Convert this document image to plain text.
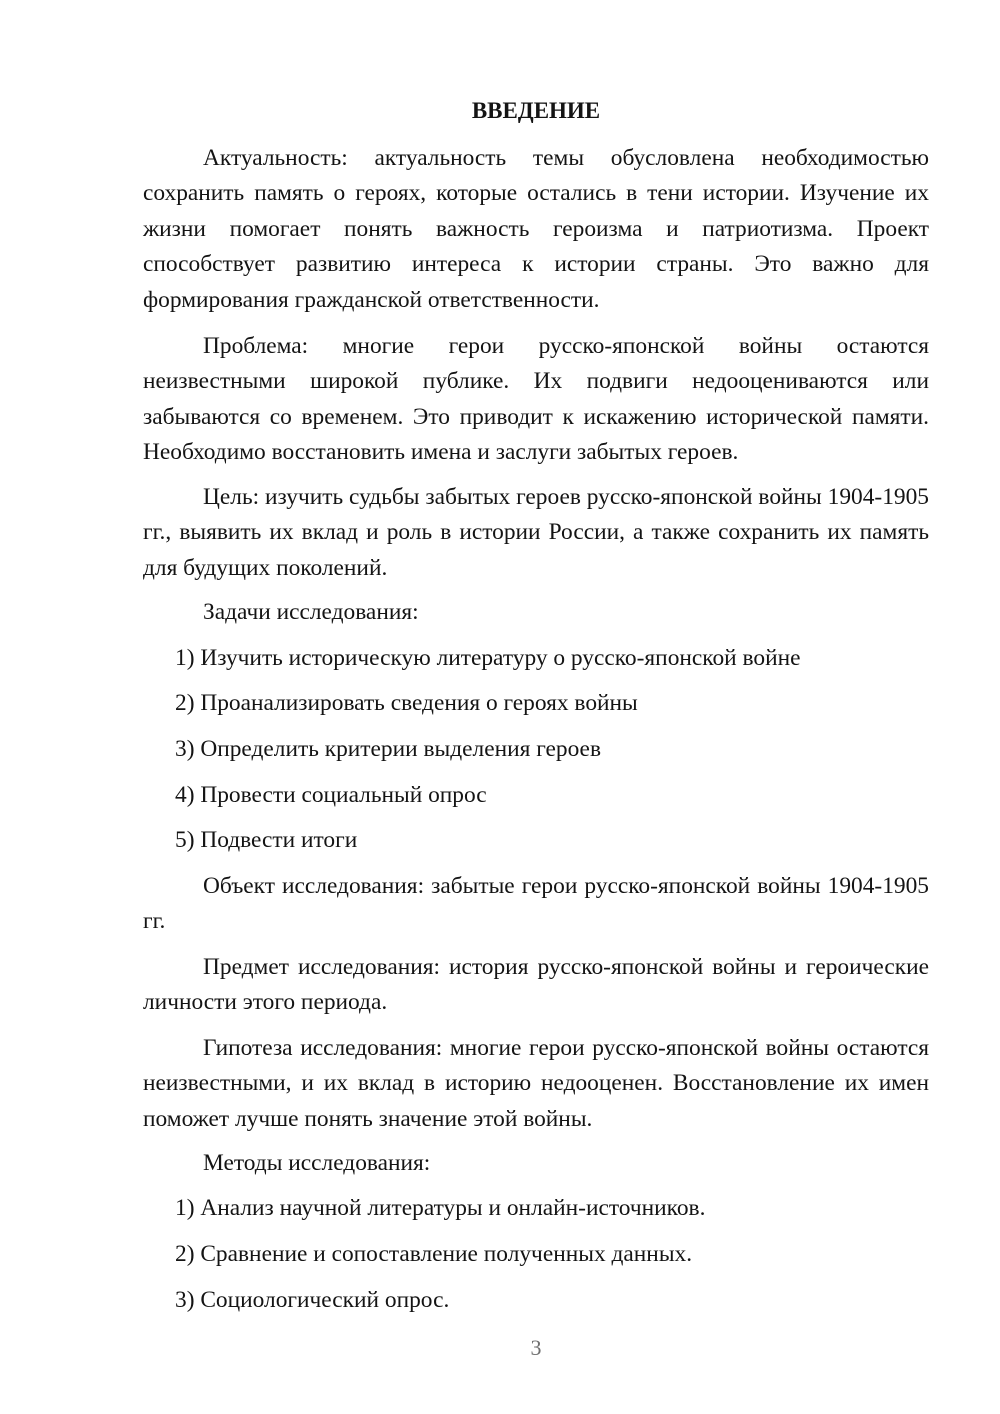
ВВЕДЕНИЕ

Актуальность: актуальность темы обусловлена необходимостью сохранить память о героях, которые остались в тени истории. Изучение их жизни помогает понять важность героизма и патриотизма. Проект способствует развитию интереса к истории страны. Это важно для формирования гражданской ответственности.

Проблема: многие герои русско-японской войны остаются неизвестными широкой публике. Их подвиги недооцениваются или забываются со временем. Это приводит к искажению исторической памяти. Необходимо восстановить имена и заслуги забытых героев.

Цель: изучить судьбы забытых героев русско-японской войны 1904-1905 гг., выявить их вклад и роль в истории России, а также сохранить их память для будущих поколений.

Задачи исследования:

1) Изучить историческую литературу о русско-японской войне

2) Проанализировать сведения о героях войны

3) Определить критерии выделения героев

4) Провести социальный опрос

5) Подвести итоги

Объект исследования: забытые герои русско-японской войны 1904-1905 гг.

Предмет исследования: история русско-японской войны и героические личности этого периода.

Гипотеза исследования: многие герои русско-японской войны остаются неизвестными, и их вклад в историю недооценен. Восстановление их имен поможет лучше понять значение этой войны.

Методы исследования:

1) Анализ научной литературы и онлайн-источников.

2) Сравнение и сопоставление полученных данных.

3) Социологический опрос.

3
